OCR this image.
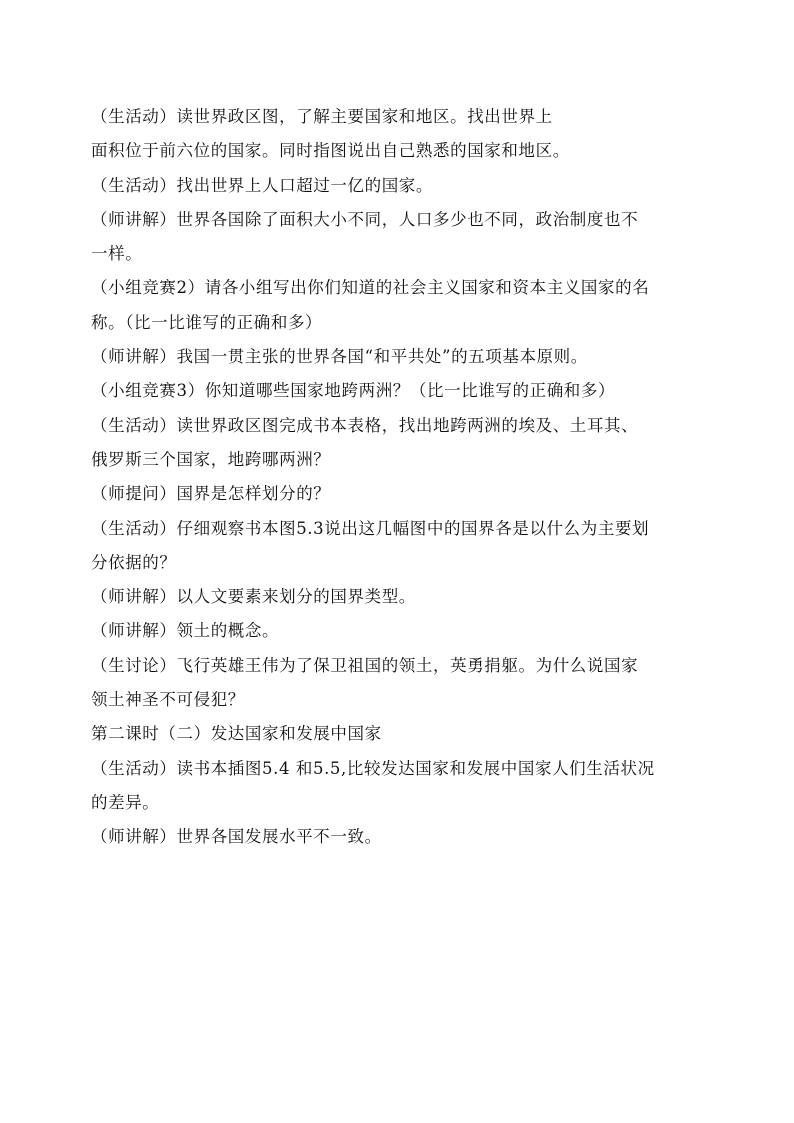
（生活动）读世界政区图，了解主要国家和地区。找出世界上
面积位于前六位的国家。同时指图说出自己熟悉的国家和地区。
（生活动）找出世界上人口超过一亿的国家。
（师讲解）世界各国除了面积大小不同，人口多少也不同，政治制度也不
一样。
（小组竞赛2）请各小组写出你们知道的社会主义国家和资本主义国家的名
称。（比一比谁写的正确和多）
（师讲解）我国一贯主张的世界各国“和平共处”的五项基本原则。
（小组竞赛3）你知道哪些国家地跨两洲？（比一比谁写的正确和多）
（生活动）读世界政区图完成书本表格，找出地跨两洲的埃及、土耳其、
俄罗斯三个国家，地跨哪两洲？
（师提问）国界是怎样划分的？
（生活动）仔细观察书本图5.3说出这几幅图中的国界各是以什么为主要划
分依据的？
（师讲解）以人文要素来划分的国界类型。
（师讲解）领土的概念。
（生讨论）飞行英雄王伟为了保卫祖国的领土，英勇捐躯。为什么说国家
领土神圣不可侵犯？
第二课时（二）发达国家和发展中国家
（生活动）读书本插图5.4 和5.5,比较发达国家和发展中国家人们生活状况
的差异。
（师讲解）世界各国发展水平不一致。
